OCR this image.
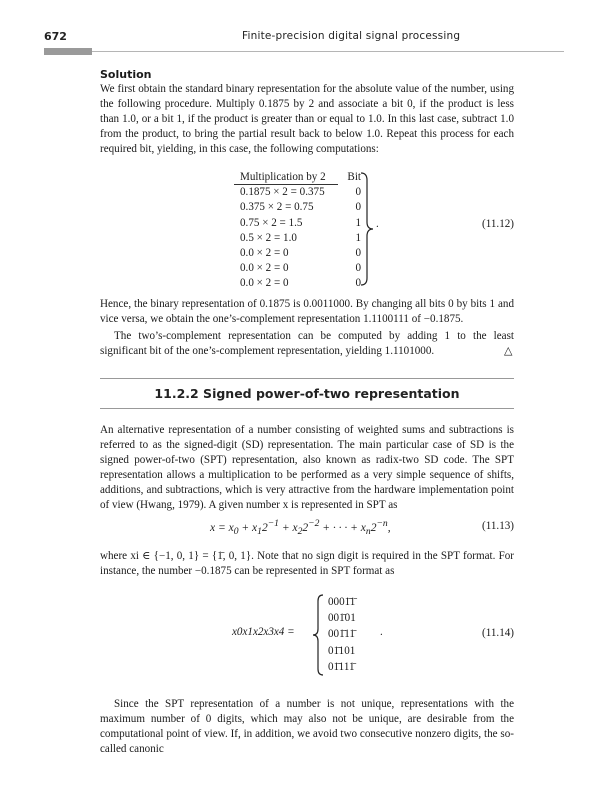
672	Finite-precision digital signal processing
Solution
We first obtain the standard binary representation for the absolute value of the number, using the following procedure. Multiply 0.1875 by 2 and associate a bit 0, if the product is less than 1.0, or a bit 1, if the product is greater than or equal to 1.0. In this last case, subtract 1.0 from the product, to bring the partial result back to below 1.0. Repeat this process for each required bit, yielding, in this case, the following computations:
Multiplication by 2	Bit
0.1875 × 2 = 0.375	0
0.375 × 2 = 0.75	0
0.75 × 2 = 1.5	1
0.5 × 2 = 1.0	1
0.0 × 2 = 0	0
0.0 × 2 = 0	0
0.0 × 2 = 0	0
.	(11.12)
Hence, the binary representation of 0.1875 is 0.0011000. By changing all bits 0 by bits 1 and vice versa, we obtain the one’s-complement representation 1.1100111 of −0.1875.
The two’s-complement representation can be computed by adding 1 to the least significant bit of the one’s-complement representation, yielding 1.1101000.	△
11.2.2 Signed power-of-two representation
An alternative representation of a number consisting of weighted sums and subtractions is referred to as the signed-digit (SD) representation. The main particular case of SD is the signed power-of-two (SPT) representation, also known as radix-two SD code. The SPT representation allows a multiplication to be performed as a very simple sequence of shifts, additions, and subtractions, which is very attractive from the hardware implementation point of view (Hwang, 1979). A given number x is represented in SPT as
$x = x_0 + x_12^{-1} + x_22^{-2}$ + · · · + $x_n2^{-n}$,	(11.13)
where xi ∈ {−1, 0, 1} = {1̄, 0, 1}. Note that no sign digit is required in the SPT format. For instance, the number −0.1875 can be represented in SPT format as
x0x1x2x3x4 =
0001̄1̄
001̄01
001̄11̄
01̄101
01̄111̄
.	(11.14)
Since the SPT representation of a number is not unique, representations with the maximum number of 0 digits, which may also not be unique, are desirable from the computational point of view. If, in addition, we avoid two consecutive nonzero digits, the so-called canonic
